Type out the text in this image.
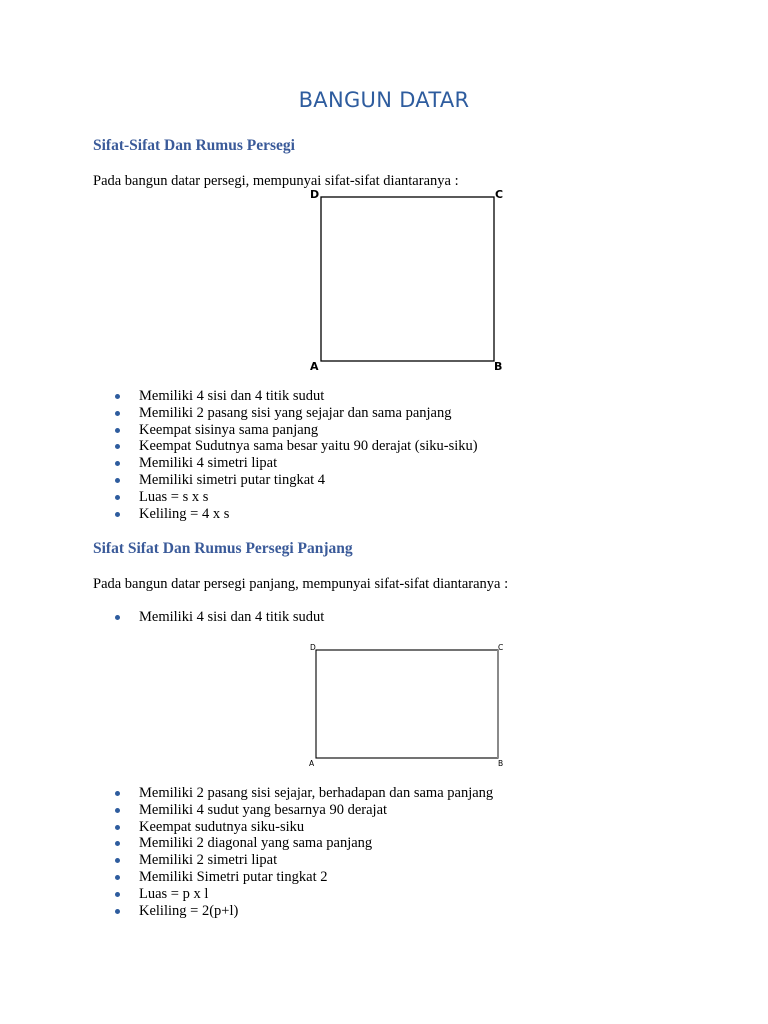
BANGUN DATAR
Sifat-Sifat Dan Rumus Persegi

Pada bangun datar persegi, mempunyai sifat-sifat diantaranya :

D	C
A	B
Memiliki 4 sisi dan 4 titik sudut
Memiliki 2 pasang sisi yang sejajar dan sama panjang
Keempat sisinya sama panjang
Keempat Sudutnya sama besar yaitu 90 derajat (siku-siku)
Memiliki 4 simetri lipat
Memiliki simetri putar tingkat 4
Luas = s x s
Keliling = 4 x s
Sifat Sifat Dan Rumus Persegi Panjang

Pada bangun datar persegi panjang, mempunyai sifat-sifat diantaranya :

Memiliki 4 sisi dan 4 titik sudut
D	C
A	B
Memiliki 2 pasang sisi sejajar, berhadapan dan sama panjang
Memiliki 4 sudut yang besarnya 90 derajat
Keempat sudutnya siku-siku
Memiliki 2 diagonal yang sama panjang
Memiliki 2 simetri lipat
Memiliki Simetri putar tingkat 2
Luas = p x l
Keliling = 2(p+l)
